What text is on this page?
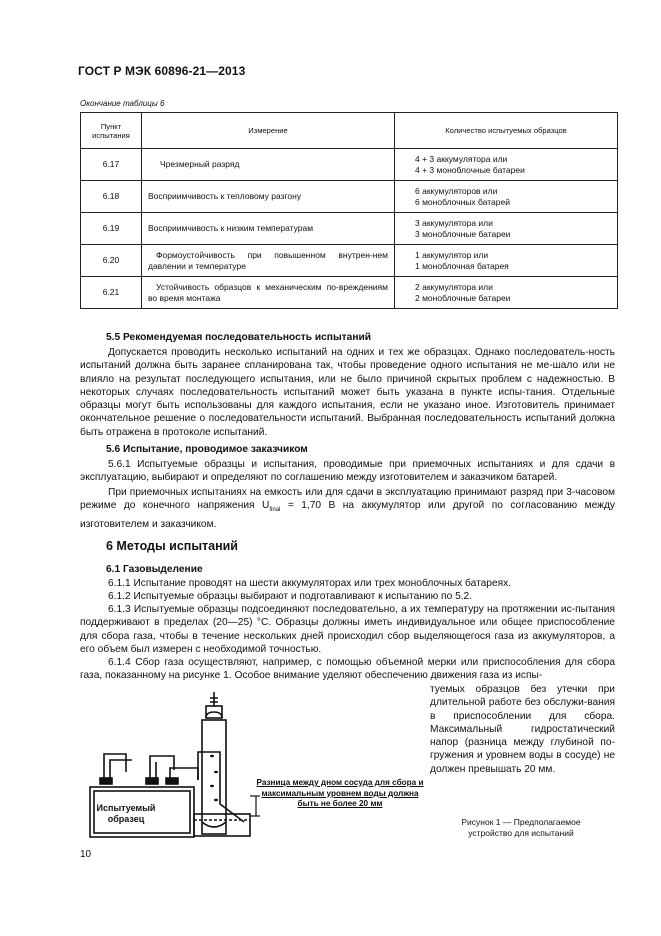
ГОСТ Р МЭК 60896-21—2013
Окончание таблицы 6
Пункт испытания	Измерение	Количество испытуемых образцов
6.17	Чрезмерный разряд	4 + 3 аккумулятора или
4 + 3 моноблочные батареи

6.18	Восприимчивость к тепловому разгону	6 аккумуляторов или
6 моноблочных батарей

6.19	Восприимчивость к низким температурам	3 аккумулятора или
3 моноблочные батареи

6.20	Формоустойчивость при повышенном внутрен-нем давлении и температуре	1 аккумулятор или
1 моноблочная батарея

6.21	Устойчивость образцов к механическим по-вреждениям во время монтажа	2 аккумулятора или
2 моноблочные батареи
5.5 Рекомендуемая последовательность испытаний
Допускается проводить несколько испытаний на одних и тех же образцах. Однако последователь-ность испытаний должна быть заранее спланирована так, чтобы проведение одного испытания не ме-шало или не влияло на результат последующего испытания, или не было причиной скрытых проблем с надежностью. В некоторых случаях последовательность испытаний может быть указана в пункте испы-тания. Отдельные образцы могут быть использованы для каждого испытания, если не указано иное. Изготовитель принимает окончательное решение о последовательности испытаний. Выбранная последовательность испытаний должна быть отражена в протоколе испытаний.
5.6 Испытание, проводимое заказчиком
5.6.1 Испытуемые образцы и испытания, проводимые при приемочных испытаниях и для сдачи в эксплуатацию, выбирают и определяют по соглашению между изготовителем и заказчиком батарей.
При приемочных испытаниях на емкость или для сдачи в эксплуатацию принимают разряд при 3-часовом режиме до конечного напряжения $U_{final} = 1,70$ В на аккумулятор или другой по согласованию между изготовителем и заказчиком.
6 Методы испытаний
6.1 Газовыделение
6.1.1 Испытание проводят на шести аккумуляторах или трех моноблочных батареях.
6.1.2 Испытуемые образцы выбирают и подготавливают к испытанию по 5.2.
6.1.3 Испытуемые образцы подсоединяют последовательно, а их температуру на протяжении ис-пытания поддерживают в пределах (20—25) °С. Образцы должны иметь индивидуальное или общее приспособление для сбора газа, чтобы в течение нескольких дней происходил сбор выделяющегося газа из аккумуляторов, а его объем был измерен с необходимой точностью.
6.1.4 Сбор газа осуществляют, например, с помощью объемной мерки или приспособления для сбора газа, показанному на рисунке 1. Особое внимание уделяют обеспечению движения газа из испы-
туемых образцов без утечки при длительной работе без обслужи-вания в приспособлении для сбора. Максимальный гидростатический напор (разница между глубиной по-гружения и уровнем воды в сосуде) не должен превышать 20 мм.
Испытуемый образец
Разница между дном сосуда для сбора и максимальным уровнем воды должна быть не более 20 мм
Рисунок 1 — Предполагаемое устройство для испытаний
10
